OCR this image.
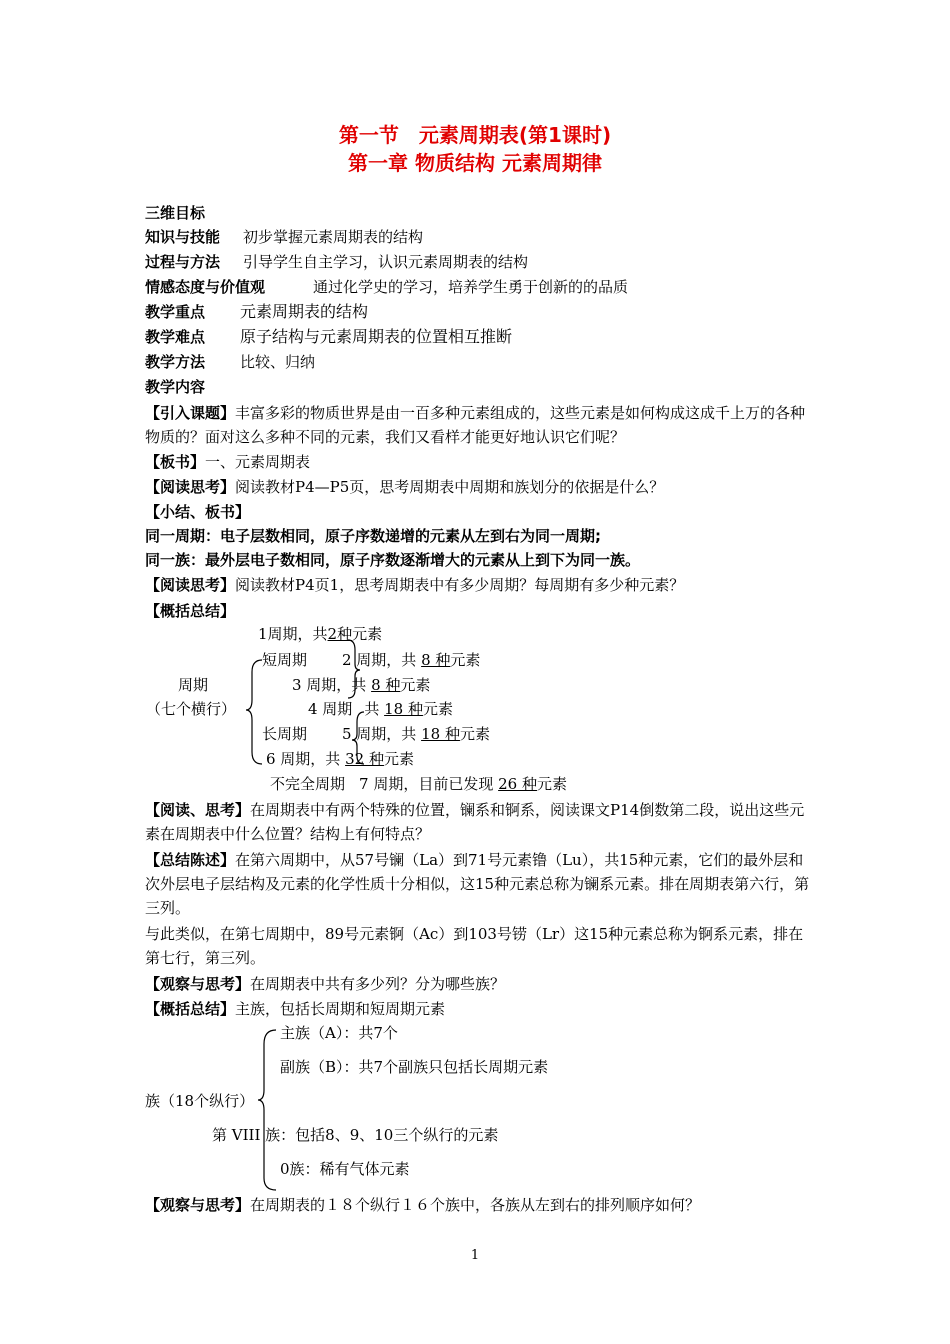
第一节　元素周期表(第1课时)
第一章 物质结构 元素周期律
三维目标
知识与技能 初步掌握元素周期表的结构
过程与方法 引导学生自主学习，认识元素周期表的结构
情感态度与价值观	通过化学史的学习，培养学生勇于创新的的品质
教学重点 元素周期表的结构
教学难点 原子结构与元素周期表的位置相互推断
教学方法 比较、归纳
教学内容
【引入课题】丰富多彩的物质世界是由一百多种元素组成的，这些元素是如何构成这成千上万的各种物质的？面对这么多种不同的元素，我们又看样才能更好地认识它们呢？
【板书】一、元素周期表
【阅读思考】阅读教材P4—P5页，思考周期表中周期和族划分的依据是什么？
【小结、板书】
同一周期：电子层数相同，原子序数递增的元素从左到右为同一周期;
同一族：最外层电子数相同，原子序数逐渐增大的元素从上到下为同一族。
【阅读思考】阅读教材P4页1，思考周期表中有多少周期？每周期有多少种元素？
【概括总结】
周期
（七个横行）
1周期，共2种元素
短周期 2 周期，共 8 种元素
3 周期，共 8 种元素
4 周期 共 18 种元素
长周期 5 周期，共 18 种元素
6 周期，共 32 种元素
不完全周期 7 周期，目前已发现 26 种元素
【阅读、思考】在周期表中有两个特殊的位置，镧系和锕系，阅读课文P14倒数第二段，说出这些元素在周期表中什么位置？结构上有何特点？
【总结陈述】在第六周期中，从57号镧（La）到71号元素镥（Lu），共15种元素，它们的最外层和次外层电子层结构及元素的化学性质十分相似，这15种元素总称为镧系元素。排在周期表第六行，第三列。
与此类似，在第七周期中，89号元素锕（Ac）到103号铹（Lr）这15种元素总称为锕系元素，排在第七行，第三列。
【观察与思考】在周期表中共有多少列？分为哪些族？
【概括总结】主族，包括长周期和短周期元素
族（18个纵行）
主族（A）：共7个
副族（B）：共7个副族只包括长周期元素
第 VIII 族：包括8、9、10三个纵行的元素
0族：稀有气体元素
【观察与思考】在周期表的１８个纵行１６个族中，各族从左到右的排列顺序如何？
1
